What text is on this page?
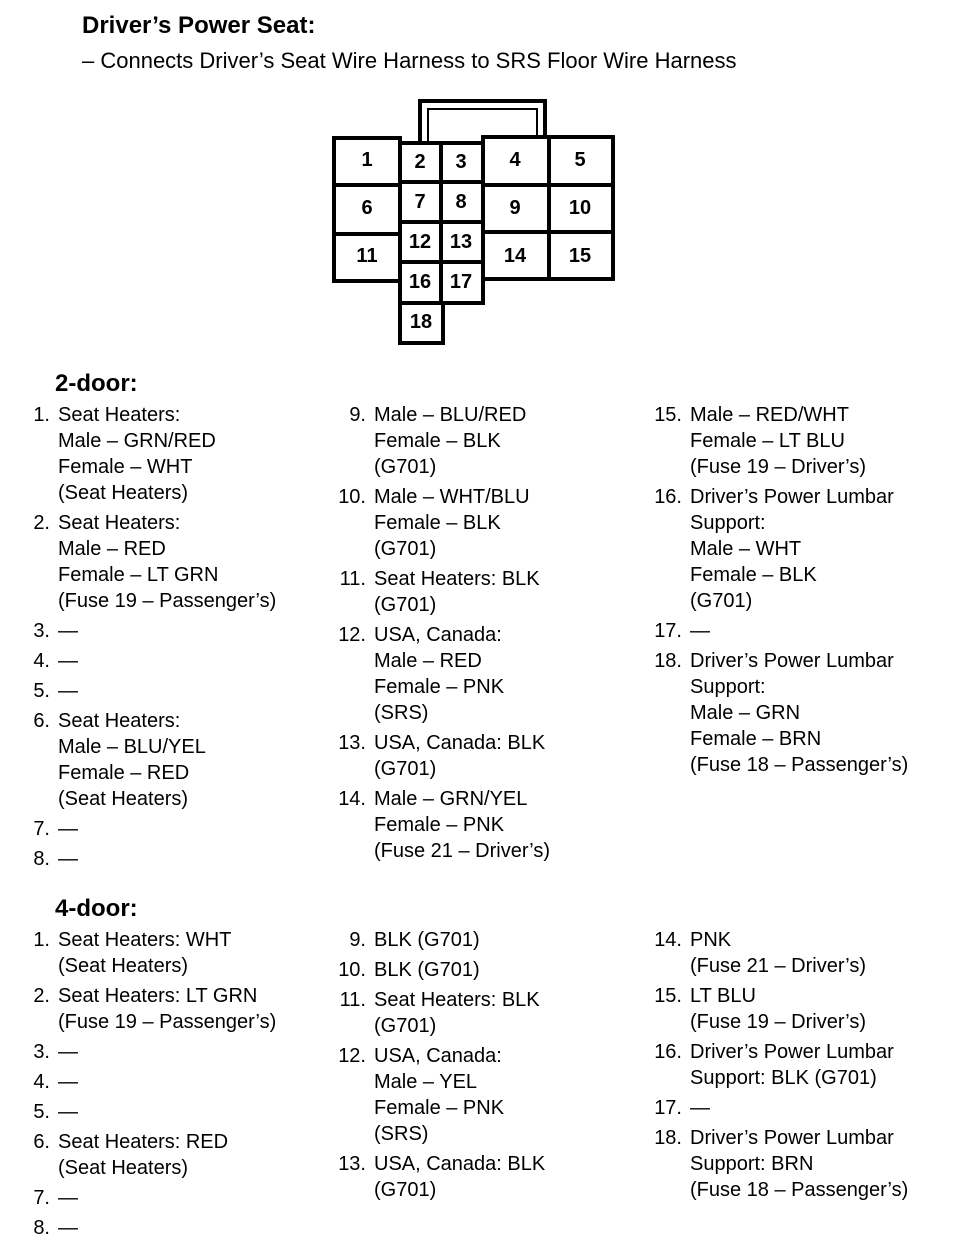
Driver’s Power Seat:
– Connects Driver’s Seat Wire Harness to SRS Floor Wire Harness
1 2 3 4	5
6 7 8 9 10
11
12 13
14 15
16 17
18
2-door:
1. Seat Heaters:
Male – GRN/RED
Female – WHT
(Seat Heaters)
2. Seat Heaters:
Male – RED
Female – LT GRN
(Fuse 19 – Passenger’s)
3. —
4. —
5. —
6. Seat Heaters:
Male – BLU/YEL
Female – RED
(Seat Heaters)
7. —
8. —
9. Male – BLU/RED
Female – BLK
(G701)
10. Male – WHT/BLU
Female – BLK
(G701)
11. Seat Heaters: BLK
(G701)
12. USA, Canada:
Male – RED
Female – PNK
(SRS)
13. USA, Canada: BLK
(G701)
14. Male – GRN/YEL
Female – PNK
(Fuse 21 – Driver’s)
15. Male – RED/WHT
Female – LT BLU
(Fuse 19 – Driver’s)
16. Driver’s Power Lumbar
Support:
Male – WHT
Female – BLK
(G701)
17. —
18. Driver’s Power Lumbar
Support:
Male – GRN
Female – BRN
(Fuse 18 – Passenger’s)
4-door:
1. Seat Heaters: WHT
(Seat Heaters)
2. Seat Heaters: LT GRN
(Fuse 19 – Passenger’s)
3. —
4. —
5. —
6. Seat Heaters: RED
(Seat Heaters)
7. —
8. —
9. BLK (G701)
10. BLK (G701)
11. Seat Heaters: BLK
(G701)
12. USA, Canada:
Male – YEL
Female – PNK
(SRS)
13. USA, Canada: BLK
(G701)
14. PNK
(Fuse 21 – Driver’s)
15. LT BLU
(Fuse 19 – Driver’s)
16. Driver’s Power Lumbar
Support: BLK (G701)
17. —
18. Driver’s Power Lumbar
Support: BRN
(Fuse 18 – Passenger’s)
